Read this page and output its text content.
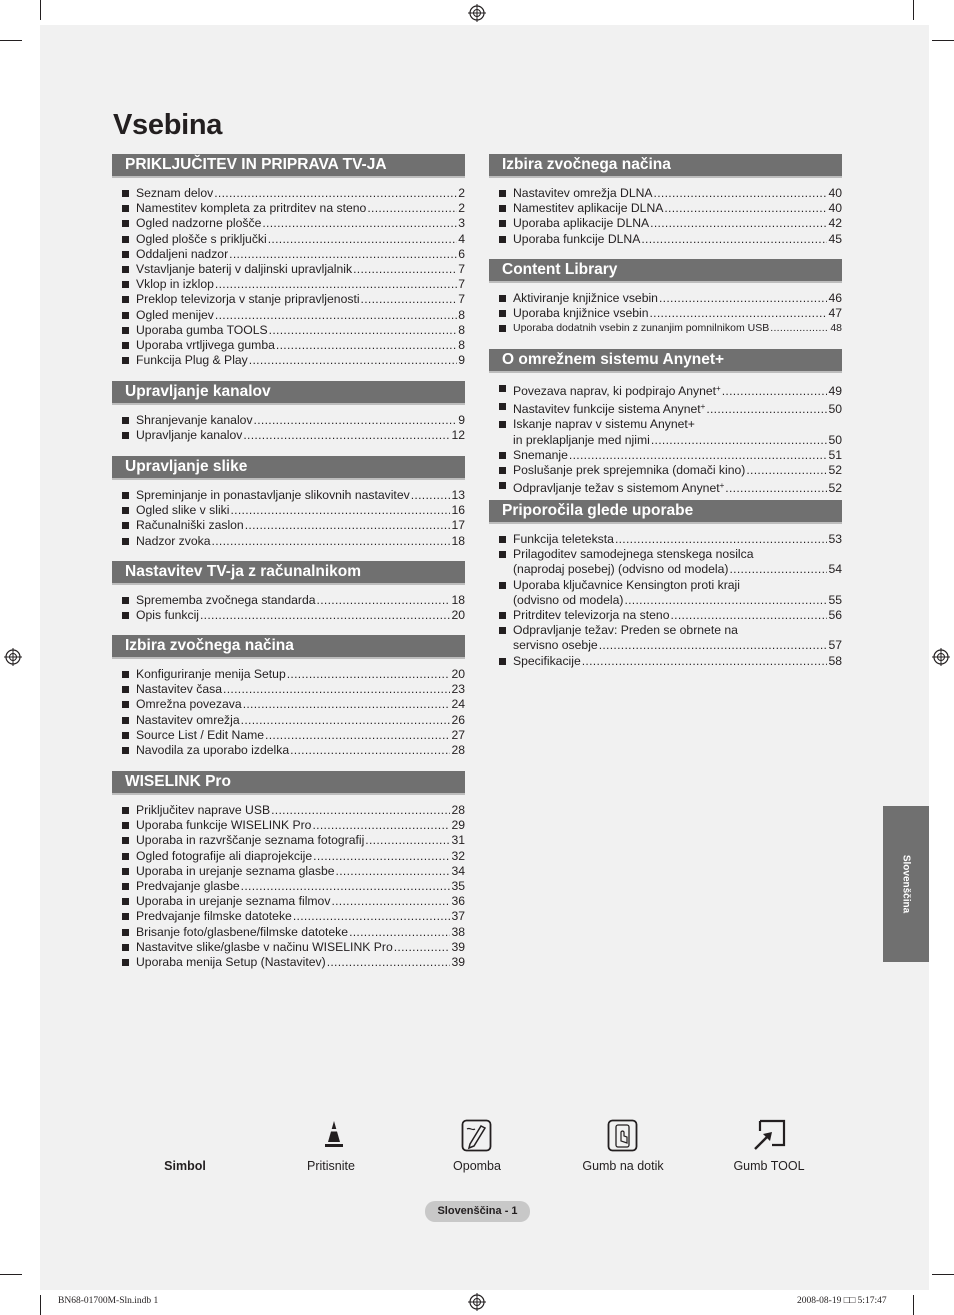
Vsebina
PRIKLJUČITEV IN PRIPRAVA TV-JA
Seznam delov .....	2
Namestitev kompleta za pritrditev na steno .....	2
Ogled nadzorne plošče .....	3
Ogled plošče s priključki .....	4
Oddaljeni nadzor .....	6
Vstavljanje baterij v daljinski upravljalnik .....	7
Vklop in izklop .....	7
Preklop televizorja v stanje pripravljenosti .....	7
Ogled menijev .....	8
Uporaba gumba TOOLS .....	8
Uporaba vrtljivega gumba .....	8
Funkcija Plug & Play .....	9
Upravljanje kanalov
Shranjevanje kanalov .....	9
Upravljanje kanalov .....	12
Upravljanje slike
Spreminjanje in ponastavljanje slikovnih nastavitev .....	13
Ogled slike v sliki .....	16
Računalniški zaslon .....	17
Nadzor zvoka .....	18
Nastavitev TV-ja z računalnikom
Sprememba zvočnega standarda .....	18
Opis funkcij .....	20
Izbira zvočnega načina
Konfiguriranje menija Setup .....	20
Nastavitev časa .....	23
Omrežna povezava .....	24
Nastavitev omrežja .....	26
Source List / Edit Name .....	27
Navodila za uporabo izdelka .....	28
WISELINK Pro
Priključitev naprave USB .....	28
Uporaba funkcije WISELINK Pro .....	29
Uporaba in razvrščanje seznama fotografij .....	31
Ogled fotografije ali diaprojekcije .....	32
Uporaba in urejanje seznama glasbe .....	34
Predvajanje glasbe .....	35
Uporaba in urejanje seznama filmov .....	36
Predvajanje filmske datoteke .....	37
Brisanje foto/glasbene/filmske datoteke .....	38
Nastavitve slike/glasbe v načinu WISELINK Pro .....	39
Uporaba menija Setup (Nastavitev) .....	39
Izbira zvočnega načina
Nastavitev omrežja DLNA .....	40
Namestitev aplikacije DLNA .....	40
Uporaba aplikacije DLNA .....	42
Uporaba funkcije DLNA .....	45
Content Library
Aktiviranje knjižnice vsebin .....	46
Uporaba knjižnice vsebin .....	47
Uporaba dodatnih vsebin z zunanjim pomnilnikom USB .....	48
O omrežnem sistemu Anynet+
Povezava naprav, ki podpirajo Anynet+ .....	49
Nastavitev funkcije sistema Anynet+ .....	50
Iskanje naprav v sistemu Anynet+
in preklapljanje med njimi .....	50
Snemanje .....	51
Poslušanje prek sprejemnika (domači kino) .....	52
Odpravljanje težav s sistemom Anynet+ .....	52
Priporočila glede uporabe
Funkcija teleteksta .....	53
Prilagoditev samodejnega stenskega nosilca
(naprodaj posebej) (odvisno od modela) .....	54
Uporaba ključavnice Kensington proti kraji
(odvisno od modela) .....	55
Pritrditev televizorja na steno .....	56
Odpravljanje težav: Preden se obrnete na
servisno osebje .....	57
Specifikacije .....	58
Slovenščina
Simbol	Pritisnite	Opomba	Gumb na dotik	Gumb TOOL
Slovenščina - 1
BN68-01700M-Sln.indb 1	2008-08-19 □□ 5:17:47
